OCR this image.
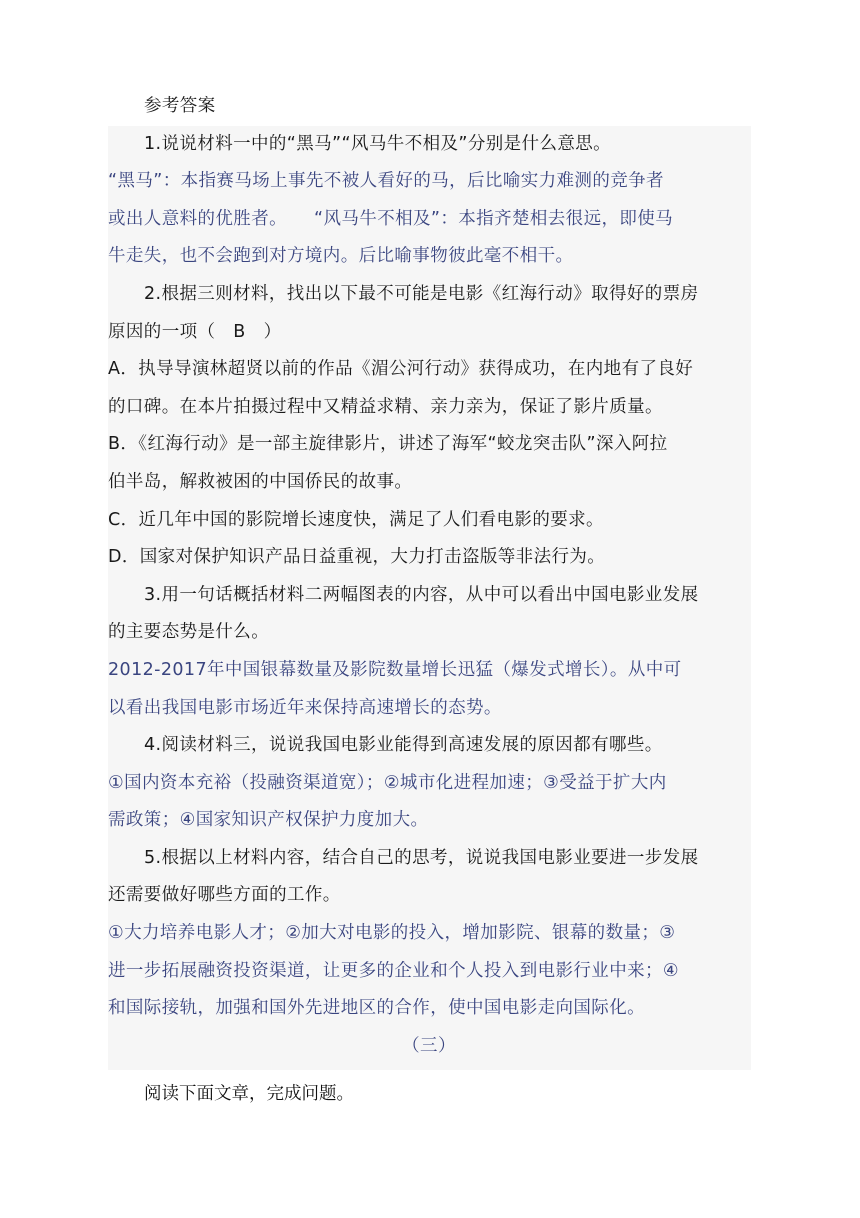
参考答案
1.说说材料一中的“黑马”“风马牛不相及”分别是什么意思。
“黑马”：本指赛马场上事先不被人看好的马，后比喻实力难测的竞争者
或出人意料的优胜者。　　“风马牛不相及”：本指齐楚相去很远，即使马
牛走失，也不会跑到对方境内。后比喻事物彼此毫不相干。
2.根据三则材料，找出以下最不可能是电影《红海行动》取得好的票房
原因的一项（　B　）
A．执导导演林超贤以前的作品《湄公河行动》获得成功，在内地有了良好
的口碑。在本片拍摄过程中又精益求精、亲力亲为，保证了影片质量。
B．《红海行动》是一部主旋律影片，讲述了海军“蛟龙突击队”深入阿拉
伯半岛，解救被困的中国侨民的故事。
C．近几年中国的影院增长速度快，满足了人们看电影的要求。
D．国家对保护知识产品日益重视，大力打击盗版等非法行为。
3.用一句话概括材料二两幅图表的内容，从中可以看出中国电影业发展
的主要态势是什么。
2012-2017年中国银幕数量及影院数量增长迅猛（爆发式增长）。从中可
以看出我国电影市场近年来保持高速增长的态势。
4.阅读材料三，说说我国电影业能得到高速发展的原因都有哪些。
①国内资本充裕（投融资渠道宽）；②城市化进程加速；③受益于扩大内
需政策；④国家知识产权保护力度加大。
5.根据以上材料内容，结合自己的思考，说说我国电影业要进一步发展
还需要做好哪些方面的工作。
①大力培养电影人才；②加大对电影的投入，增加影院、银幕的数量；③
进一步拓展融资投资渠道，让更多的企业和个人投入到电影行业中来；④
和国际接轨，加强和国外先进地区的合作，使中国电影走向国际化。
（三）
阅读下面文章，完成问题。
